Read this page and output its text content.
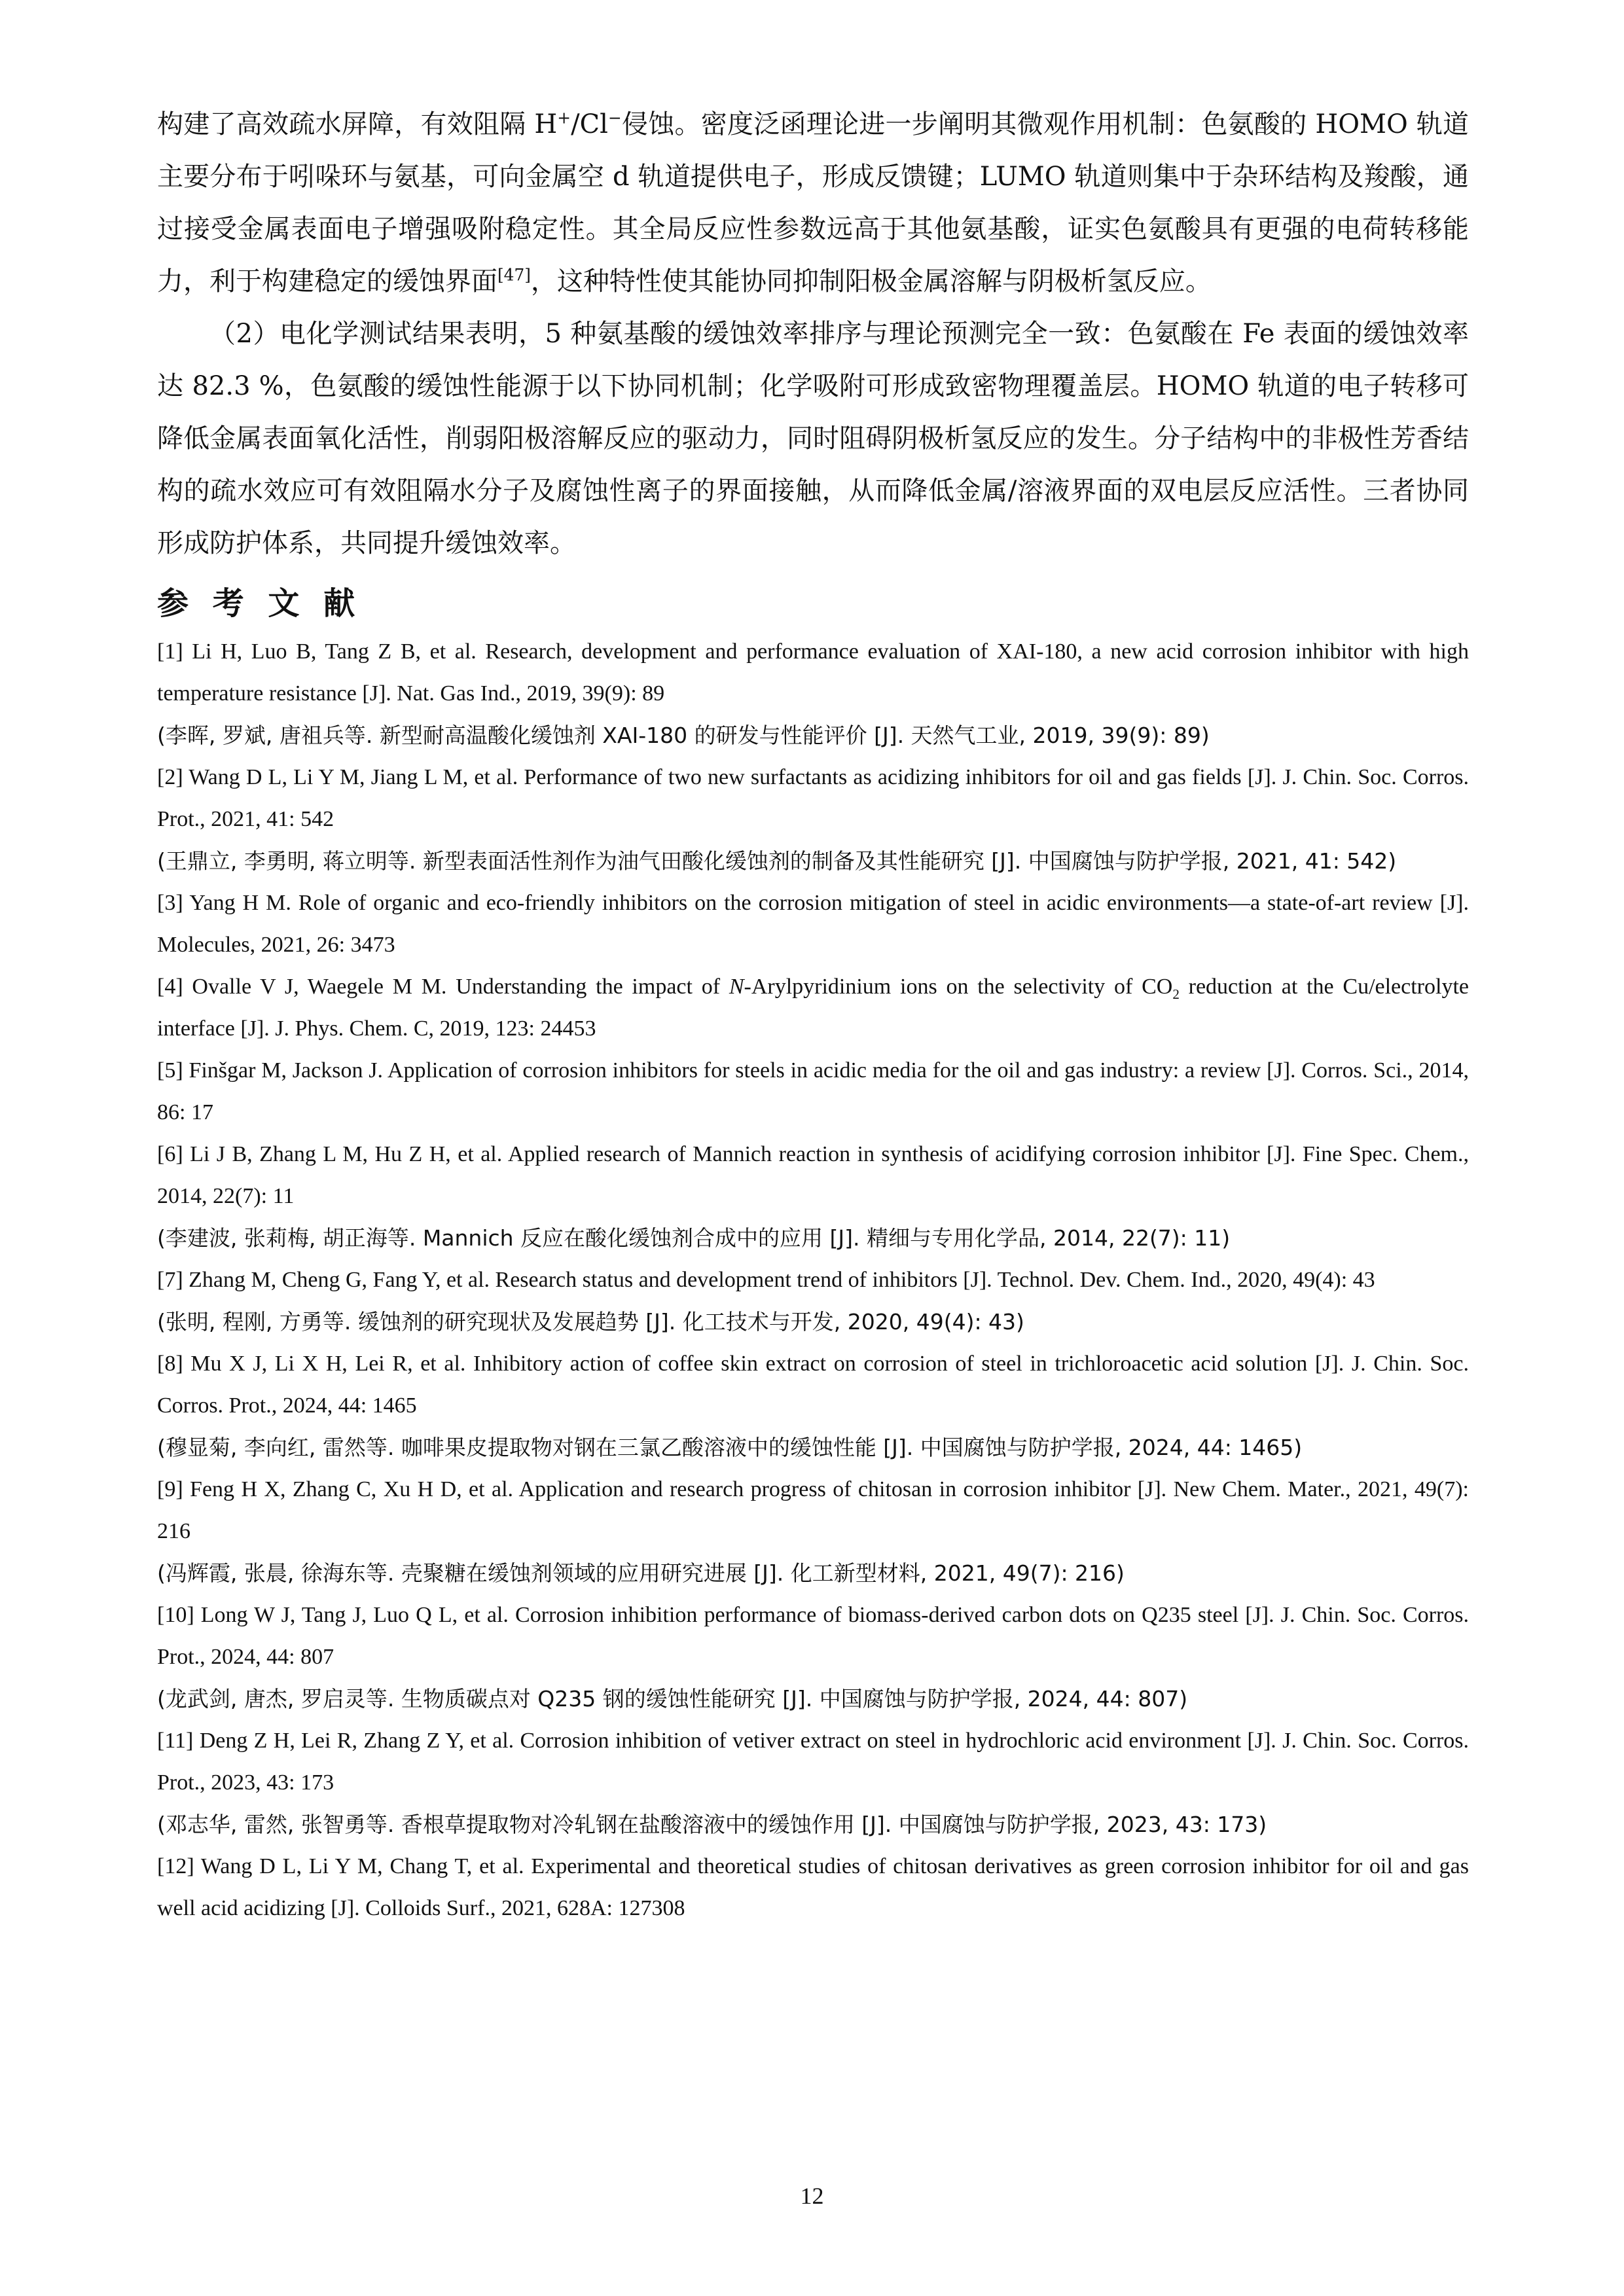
构建了高效疏水屏障，有效阻隔 H+/Cl−侵蚀。密度泛函理论进一步阐明其微观作用机制：色氨酸的 HOMO 轨道主要分布于吲哚环与氨基，可向金属空 d 轨道提供电子，形成反馈键；LUMO 轨道则集中于杂环结构及羧酸，通过接受金属表面电子增强吸附稳定性。其全局反应性参数远高于其他氨基酸，证实色氨酸具有更强的电荷转移能力，利于构建稳定的缓蚀界面[47]，这种特性使其能协同抑制阳极金属溶解与阴极析氢反应。

（2）电化学测试结果表明，5 种氨基酸的缓蚀效率排序与理论预测完全一致：色氨酸在 Fe 表面的缓蚀效率达 82.3 %，色氨酸的缓蚀性能源于以下协同机制；化学吸附可形成致密物理覆盖层。HOMO 轨道的电子转移可降低金属表面氧化活性，削弱阳极溶解反应的驱动力，同时阻碍阴极析氢反应的发生。分子结构中的非极性芳香结构的疏水效应可有效阻隔水分子及腐蚀性离子的界面接触，从而降低金属/溶液界面的双电层反应活性。三者协同形成防护体系，共同提升缓蚀效率。

参 考 文 献

[1] Li H, Luo B, Tang Z B, et al. Research, development and performance evaluation of XAI-180, a new acid corrosion inhibitor with high temperature resistance [J]. Nat. Gas Ind., 2019, 39(9): 89

(李晖, 罗斌, 唐祖兵等. 新型耐高温酸化缓蚀剂 XAI-180 的研发与性能评价 [J]. 天然气工业, 2019, 39(9): 89)

[2] Wang D L, Li Y M, Jiang L M, et al. Performance of two new surfactants as acidizing inhibitors for oil and gas fields [J]. J. Chin. Soc. Corros. Prot., 2021, 41: 542

(王鼎立, 李勇明, 蒋立明等. 新型表面活性剂作为油气田酸化缓蚀剂的制备及其性能研究 [J]. 中国腐蚀与防护学报, 2021, 41: 542)

[3] Yang H M. Role of organic and eco-friendly inhibitors on the corrosion mitigation of steel in acidic environments—a state-of-art review [J]. Molecules, 2021, 26: 3473

[4] Ovalle V J, Waegele M M. Understanding the impact of N-Arylpyridinium ions on the selectivity of $CO_2$ reduction at the Cu/electrolyte interface [J]. J. Phys. Chem. C, 2019, 123: 24453

[5] Finšgar M, Jackson J. Application of corrosion inhibitors for steels in acidic media for the oil and gas industry: a review [J]. Corros. Sci., 2014, 86: 17

[6] Li J B, Zhang L M, Hu Z H, et al. Applied research of Mannich reaction in synthesis of acidifying corrosion inhibitor [J]. Fine Spec. Chem., 2014, 22(7): 11

(李建波, 张莉梅, 胡正海等. Mannich 反应在酸化缓蚀剂合成中的应用 [J]. 精细与专用化学品, 2014, 22(7): 11)

[7] Zhang M, Cheng G, Fang Y, et al. Research status and development trend of inhibitors [J]. Technol. Dev. Chem. Ind., 2020, 49(4): 43

(张明, 程刚, 方勇等. 缓蚀剂的研究现状及发展趋势 [J]. 化工技术与开发, 2020, 49(4): 43)

[8] Mu X J, Li X H, Lei R, et al. Inhibitory action of coffee skin extract on corrosion of steel in trichloroacetic acid solution [J]. J. Chin. Soc. Corros. Prot., 2024, 44: 1465

(穆显菊, 李向红, 雷然等. 咖啡果皮提取物对钢在三氯乙酸溶液中的缓蚀性能 [J]. 中国腐蚀与防护学报, 2024, 44: 1465)

[9] Feng H X, Zhang C, Xu H D, et al. Application and research progress of chitosan in corrosion inhibitor [J]. New Chem. Mater., 2021, 49(7): 216

(冯辉霞, 张晨, 徐海东等. 壳聚糖在缓蚀剂领域的应用研究进展 [J]. 化工新型材料, 2021, 49(7): 216)

[10] Long W J, Tang J, Luo Q L, et al. Corrosion inhibition performance of biomass-derived carbon dots on Q235 steel [J]. J. Chin. Soc. Corros. Prot., 2024, 44: 807

(龙武剑, 唐杰, 罗启灵等. 生物质碳点对 Q235 钢的缓蚀性能研究 [J]. 中国腐蚀与防护学报, 2024, 44: 807)

[11] Deng Z H, Lei R, Zhang Z Y, et al. Corrosion inhibition of vetiver extract on steel in hydrochloric acid environment [J]. J. Chin. Soc. Corros. Prot., 2023, 43: 173

(邓志华, 雷然, 张智勇等. 香根草提取物对冷轧钢在盐酸溶液中的缓蚀作用 [J]. 中国腐蚀与防护学报, 2023, 43: 173)

[12] Wang D L, Li Y M, Chang T, et al. Experimental and theoretical studies of chitosan derivatives as green corrosion inhibitor for oil and gas well acid acidizing [J]. Colloids Surf., 2021, 628A: 127308

12
